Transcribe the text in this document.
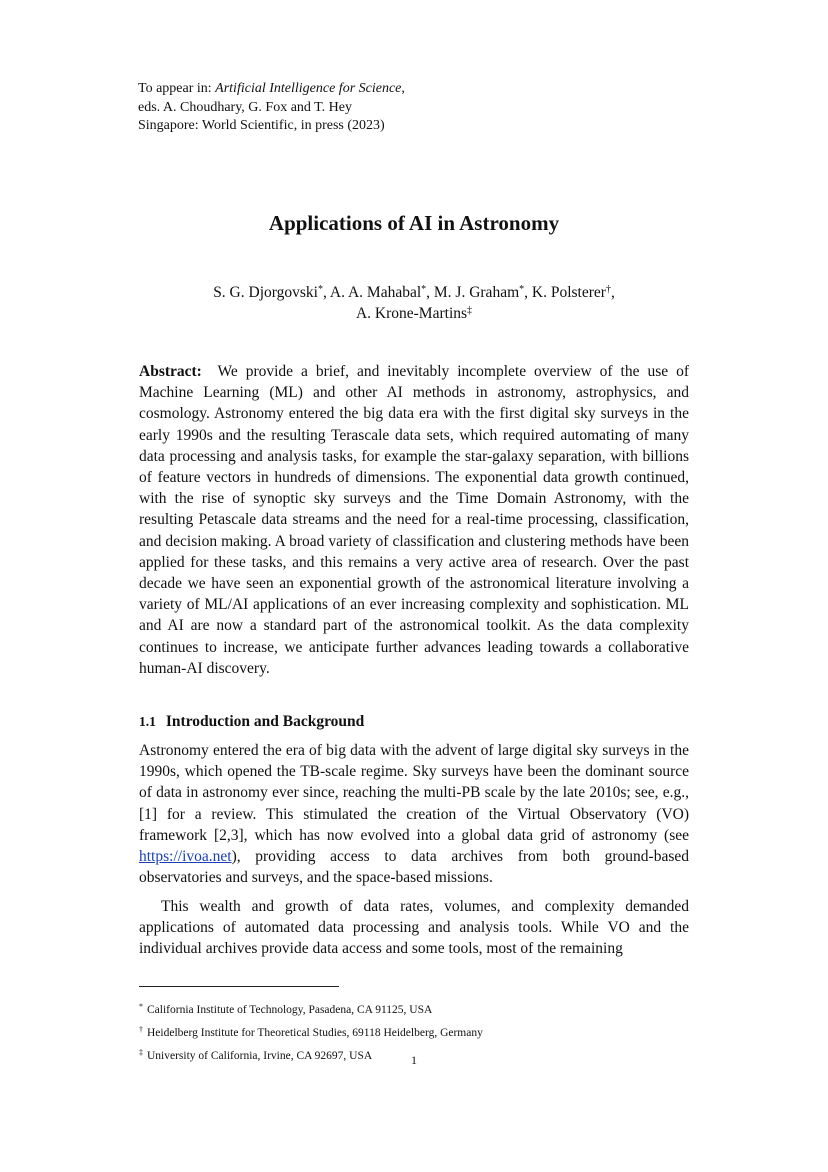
To appear in: Artificial Intelligence for Science,
eds. A. Choudhary, G. Fox and T. Hey
Singapore: World Scientific, in press (2023)
Applications of AI in Astronomy
S. G. Djorgovski*, A. A. Mahabal*, M. J. Graham*, K. Polsterer†,
A. Krone-Martins‡
Abstract: We provide a brief, and inevitably incomplete overview of the use of Machine Learning (ML) and other AI methods in astronomy, astrophysics, and cosmology. Astronomy entered the big data era with the first digital sky surveys in the early 1990s and the resulting Terascale data sets, which required automating of many data processing and analysis tasks, for example the star-galaxy separation, with billions of feature vectors in hundreds of dimensions. The exponential data growth continued, with the rise of synoptic sky surveys and the Time Domain Astronomy, with the resulting Petascale data streams and the need for a real-time processing, classification, and decision making. A broad variety of classification and clustering methods have been applied for these tasks, and this remains a very active area of research. Over the past decade we have seen an exponential growth of the astronomical literature involving a variety of ML/AI applications of an ever increasing complexity and sophistication. ML and AI are now a standard part of the astronomical toolkit. As the data complexity continues to increase, we anticipate further advances leading towards a collaborative human-AI discovery.
1.1 Introduction and Background

Astronomy entered the era of big data with the advent of large digital sky surveys in the 1990s, which opened the TB-scale regime. Sky surveys have been the dominant source of data in astronomy ever since, reaching the multi-PB scale by the late 2010s; see, e.g., [1] for a review. This stimulated the creation of the Virtual Observatory (VO) framework [2,3], which has now evolved into a global data grid of astronomy (see https://ivoa.net), providing access to data archives from both ground-based observatories and surveys, and the space-based missions.

This wealth and growth of data rates, volumes, and complexity demanded applications of automated data processing and analysis tools. While VO and the individual archives provide data access and some tools, most of the remaining

* California Institute of Technology, Pasadena, CA 91125, USA
† Heidelberg Institute for Theoretical Studies, 69118 Heidelberg, Germany
‡ University of California, Irvine, CA 92697, USA	1
